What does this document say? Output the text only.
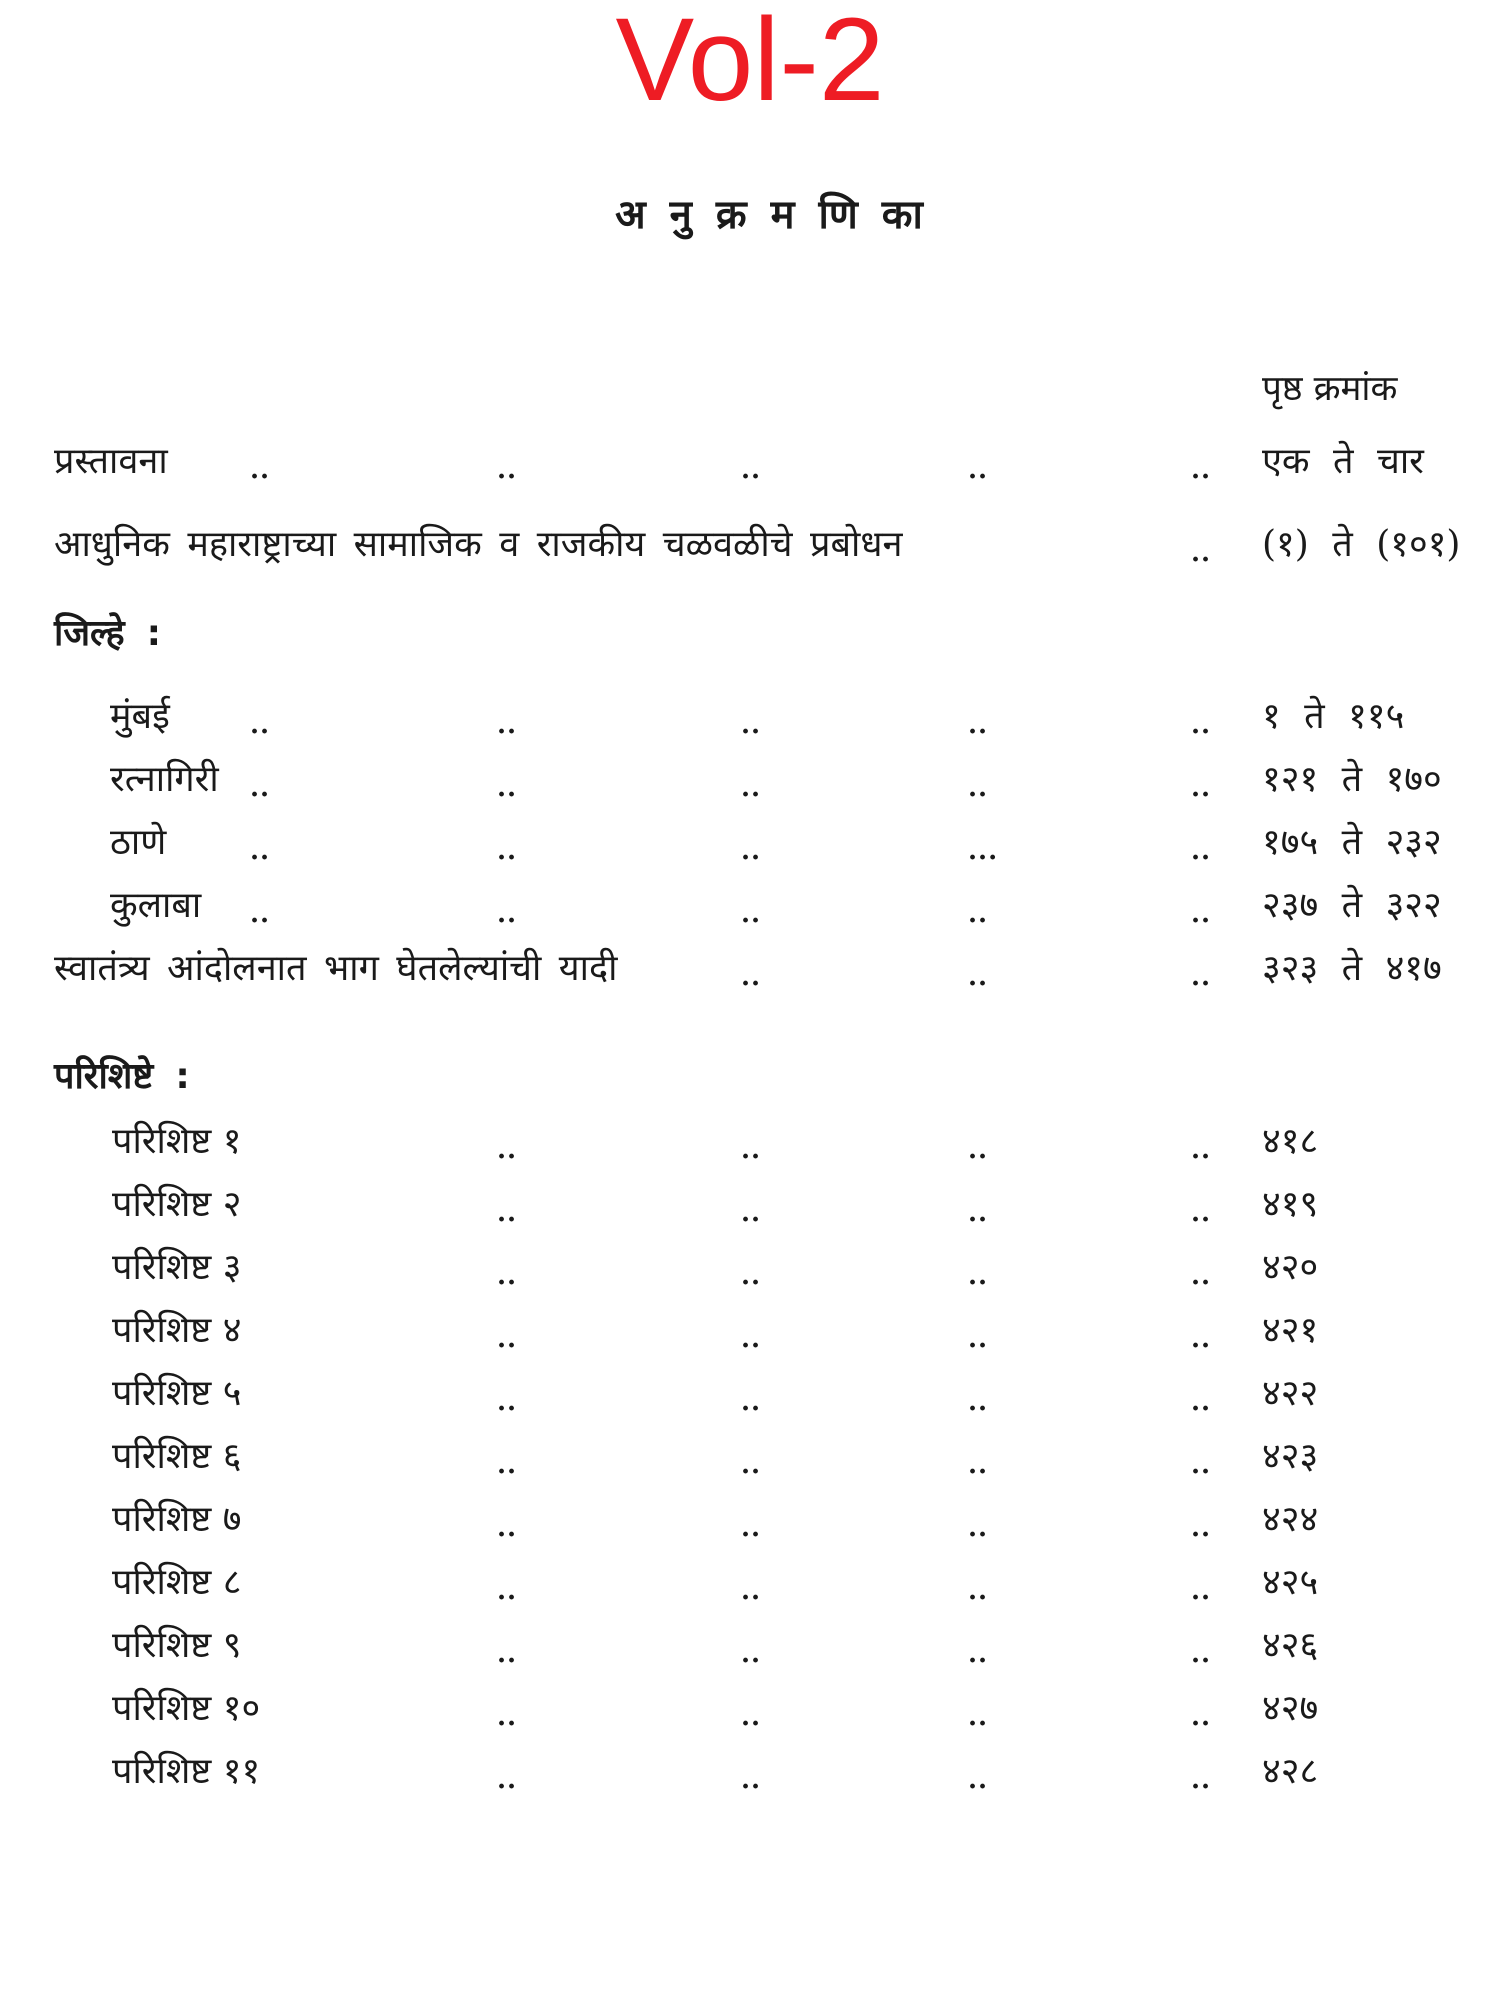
Vol-2
अ नु क्र म णि का
पृष्ठ क्रमांक
प्रस्तावना	..	..	..	..	.. एक ते चार
आधुनिक महाराष्ट्राच्या सामाजिक व राजकीय चळवळीचे प्रबोधन	.. (१) ते (१०१)
जिल्हे :
मुंबई	..	..	..	..	.. १ ते ११५
रत्नागिरी ..	..	..	..	.. १२१ ते १७०
ठाणे	..	..	..	...	.. १७५ ते २३२
कुलाबा ..	..	..	..	.. २३७ ते ३२२
स्वातंत्र्य आंदोलनात भाग घेतलेल्यांची यादी	..	..	.. ३२३ ते ४१७
परिशिष्टे :
परिशिष्ट १	..	..	..	.. ४१८
परिशिष्ट २	..	..	..	.. ४१९
परिशिष्ट ३	..	..	..	.. ४२०
परिशिष्ट ४	..	..	..	.. ४२१
परिशिष्ट ५	..	..	..	.. ४२२
परिशिष्ट ६	..	..	..	.. ४२३
परिशिष्ट ७	..	..	..	.. ४२४
परिशिष्ट ८	..	..	..	.. ४२५
परिशिष्ट ९	..	..	..	.. ४२६
परिशिष्ट १०	..	..	..	.. ४२७
परिशिष्ट ११	..	..	..	.. ४२८
